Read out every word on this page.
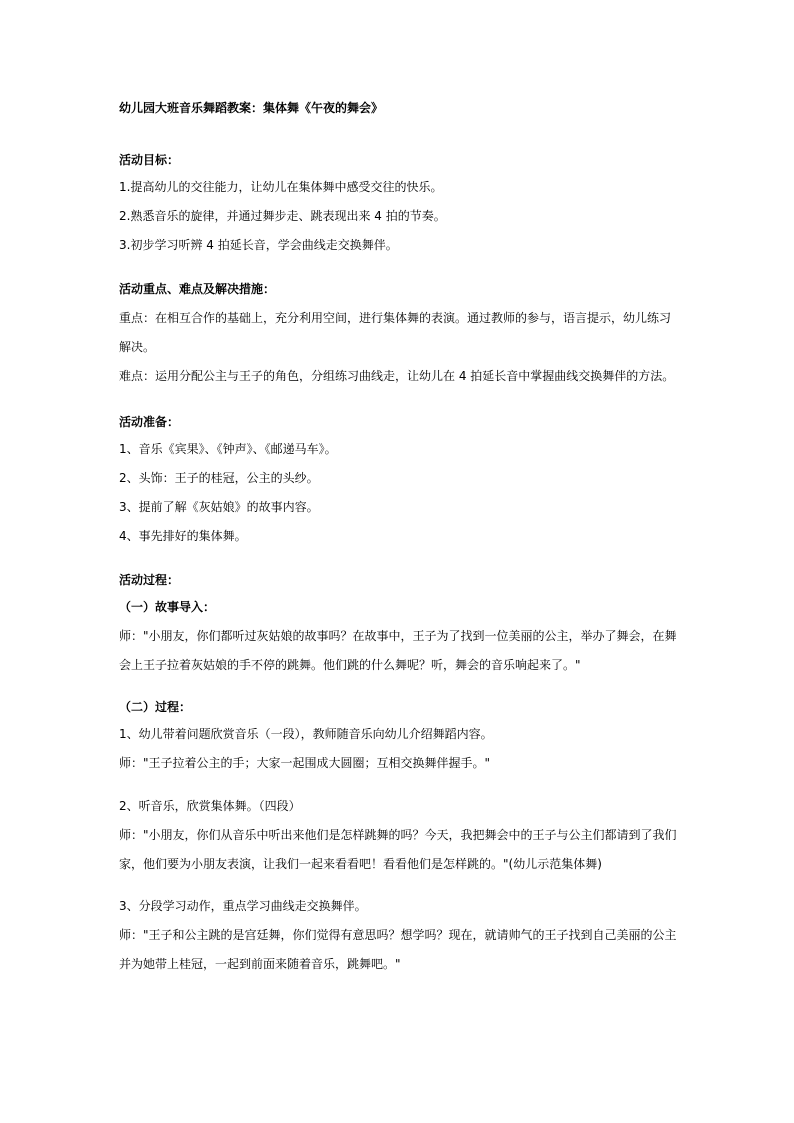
幼儿园大班音乐舞蹈教案：集体舞《午夜的舞会》

活动目标：

1.提高幼儿的交往能力，让幼儿在集体舞中感受交往的快乐。

2.熟悉音乐的旋律，并通过舞步走、跳表现出来 4 拍的节奏。

3.初步学习听辨 4 拍延长音，学会曲线走交换舞伴。

活动重点、难点及解决措施：

重点：在相互合作的基础上，充分利用空间，进行集体舞的表演。通过教师的参与，语言提示，幼儿练习解决。

难点：运用分配公主与王子的角色，分组练习曲线走，让幼儿在 4 拍延长音中掌握曲线交换舞伴的方法。

活动准备：

1、音乐《宾果》、《钟声》、《邮递马车》。

2、头饰：王子的桂冠，公主的头纱。

3、提前了解《灰姑娘》的故事内容。

4、事先排好的集体舞。

活动过程：

（一）故事导入：

师："小朋友，你们都听过灰姑娘的故事吗？在故事中，王子为了找到一位美丽的公主，举办了舞会，在舞会上王子拉着灰姑娘的手不停的跳舞。他们跳的什么舞呢？听，舞会的音乐响起来了。"

（二）过程：

1、幼儿带着问题欣赏音乐（一段），教师随音乐向幼儿介绍舞蹈内容。

师："王子拉着公主的手；大家一起围成大圆圈；互相交换舞伴握手。"

2、听音乐，欣赏集体舞。（四段）

师："小朋友，你们从音乐中听出来他们是怎样跳舞的吗？今天，我把舞会中的王子与公主们都请到了我们家，他们要为小朋友表演，让我们一起来看看吧！看看他们是怎样跳的。"(幼儿示范集体舞)

3、分段学习动作，重点学习曲线走交换舞伴。

师："王子和公主跳的是宫廷舞，你们觉得有意思吗？想学吗？现在，就请帅气的王子找到自己美丽的公主并为她带上桂冠，一起到前面来随着音乐，跳舞吧。"
